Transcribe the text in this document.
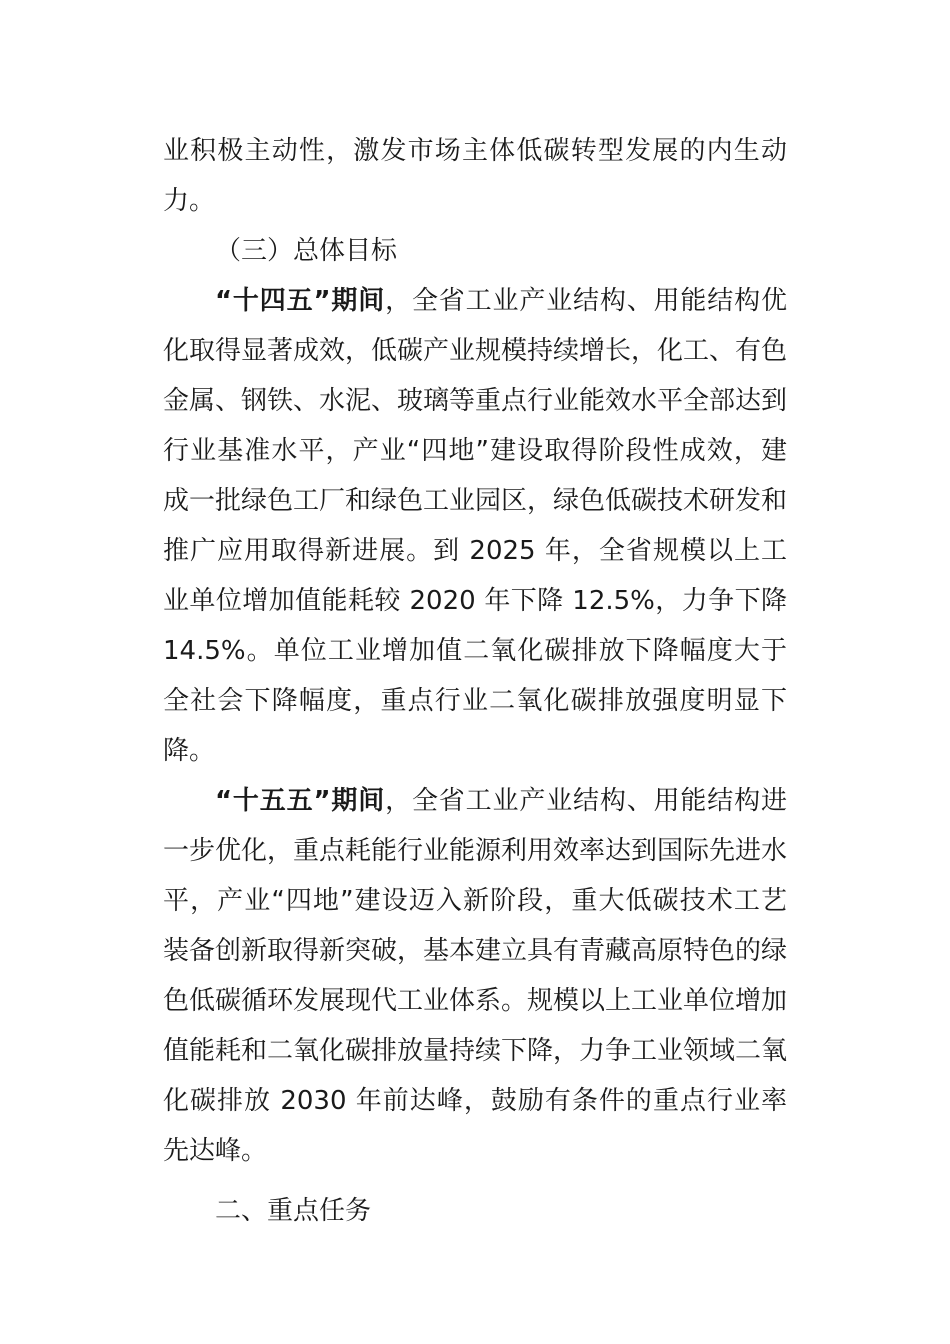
业积极主动性，激发市场主体低碳转型发展的内生动力。

（三）总体目标

“十四五”期间，全省工业产业结构、用能结构优化取得显著成效，低碳产业规模持续增长，化工、有色金属、钢铁、水泥、玻璃等重点行业能效水平全部达到行业基准水平，产业“四地”建设取得阶段性成效，建成一批绿色工厂和绿色工业园区，绿色低碳技术研发和推广应用取得新进展。到 2025 年，全省规模以上工业单位增加值能耗较 2020 年下降 12.5%，力争下降 14.5%。单位工业增加值二氧化碳排放下降幅度大于全社会下降幅度，重点行业二氧化碳排放强度明显下降。

“十五五”期间，全省工业产业结构、用能结构进一步优化，重点耗能行业能源利用效率达到国际先进水平，产业“四地”建设迈入新阶段，重大低碳技术工艺装备创新取得新突破，基本建立具有青藏高原特色的绿色低碳循环发展现代工业体系。规模以上工业单位增加值能耗和二氧化碳排放量持续下降，力争工业领域二氧化碳排放 2030 年前达峰，鼓励有条件的重点行业率先达峰。

二、重点任务
